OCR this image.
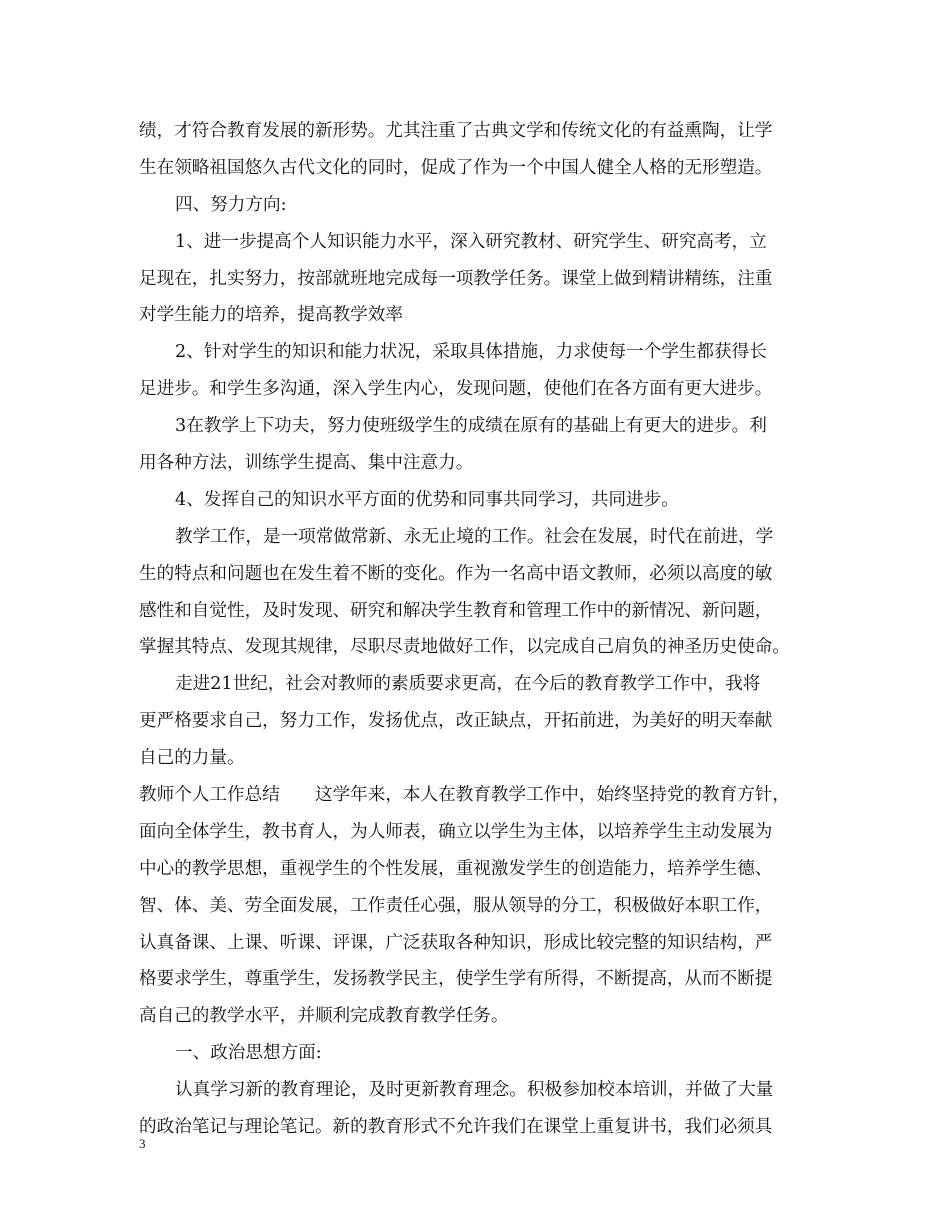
绩，才符合教育发展的新形势。尤其注重了古典文学和传统文化的有益熏陶，让学
生在领略祖国悠久古代文化的同时，促成了作为一个中国人健全人格的无形塑造。
四、努力方向:
1、进一步提高个人知识能力水平，深入研究教材、研究学生、研究高考，立
足现在，扎实努力，按部就班地完成每一项教学任务。课堂上做到精讲精练，注重
对学生能力的培养，提高教学效率
2、针对学生的知识和能力状况，采取具体措施，力求使每一个学生都获得长
足进步。和学生多沟通，深入学生内心，发现问题，使他们在各方面有更大进步。
3在教学上下功夫，努力使班级学生的成绩在原有的基础上有更大的进步。利
用各种方法，训练学生提高、集中注意力。
4、发挥自己的知识水平方面的优势和同事共同学习，共同进步。
教学工作，是一项常做常新、永无止境的工作。社会在发展，时代在前进，学
生的特点和问题也在发生着不断的变化。作为一名高中语文教师，必须以高度的敏
感性和自觉性，及时发现、研究和解决学生教育和管理工作中的新情况、新问题，
掌握其特点、发现其规律，尽职尽责地做好工作，以完成自己肩负的神圣历史使命。
走进21世纪，社会对教师的素质要求更高，在今后的教育教学工作中，我将
更严格要求自己，努力工作，发扬优点，改正缺点，开拓前进，为美好的明天奉献
自己的力量。
教师个人工作总结　　这学年来，本人在教育教学工作中，始终坚持党的教育方针，
面向全体学生，教书育人，为人师表，确立以学生为主体，以培养学生主动发展为
中心的教学思想，重视学生的个性发展，重视激发学生的创造能力，培养学生德、
智、体、美、劳全面发展，工作责任心强，服从领导的分工，积极做好本职工作，
认真备课、上课、听课、评课，广泛获取各种知识，形成比较完整的知识结构，严
格要求学生，尊重学生，发扬教学民主，使学生学有所得，不断提高，从而不断提
高自己的教学水平，并顺利完成教育教学任务。
一、政治思想方面:
认真学习新的教育理论，及时更新教育理念。积极参加校本培训，并做了大量
的政治笔记与理论笔记。新的教育形式不允许我们在课堂上重复讲书，我们必须具
3
